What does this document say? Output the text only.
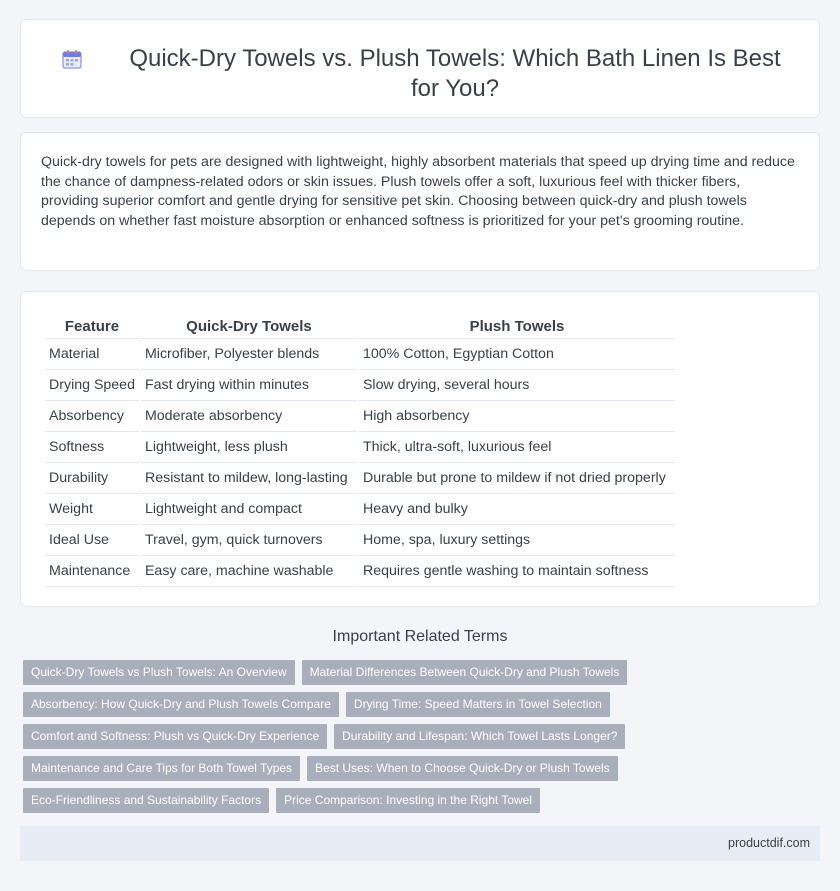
Quick-Dry Towels vs. Plush Towels: Which Bath Linen Is Best for You?

Quick-dry towels for pets are designed with lightweight, highly absorbent materials that speed up drying time and reduce the chance of dampness-related odors or skin issues. Plush towels offer a soft, luxurious feel with thicker fibers, providing superior comfort and gentle drying for sensitive pet skin. Choosing between quick-dry and plush towels depends on whether fast moisture absorption or enhanced softness is prioritized for your pet's grooming routine.

Feature	Quick-Dry Towels	Plush Towels
Material	Microfiber, Polyester blends	100% Cotton, Egyptian Cotton
Drying Speed	Fast drying within minutes	Slow drying, several hours
Absorbency	Moderate absorbency	High absorbency
Softness	Lightweight, less plush	Thick, ultra-soft, luxurious feel
Durability	Resistant to mildew, long-lasting	Durable but prone to mildew if not dried properly
Weight	Lightweight and compact	Heavy and bulky
Ideal Use	Travel, gym, quick turnovers	Home, spa, luxury settings
Maintenance	Easy care, machine washable	Requires gentle washing to maintain softness
Important Related Terms
Quick-Dry Towels vs Plush Towels: An Overview	Material Differences Between Quick-Dry and Plush Towels
Absorbency: How Quick-Dry and Plush Towels Compare	Drying Time: Speed Matters in Towel Selection
Comfort and Softness: Plush vs Quick-Dry Experience	Durability and Lifespan: Which Towel Lasts Longer?
Maintenance and Care Tips for Both Towel Types	Best Uses: When to Choose Quick-Dry or Plush Towels
Eco-Friendliness and Sustainability Factors	Price Comparison: Investing in the Right Towel
productdif.com
